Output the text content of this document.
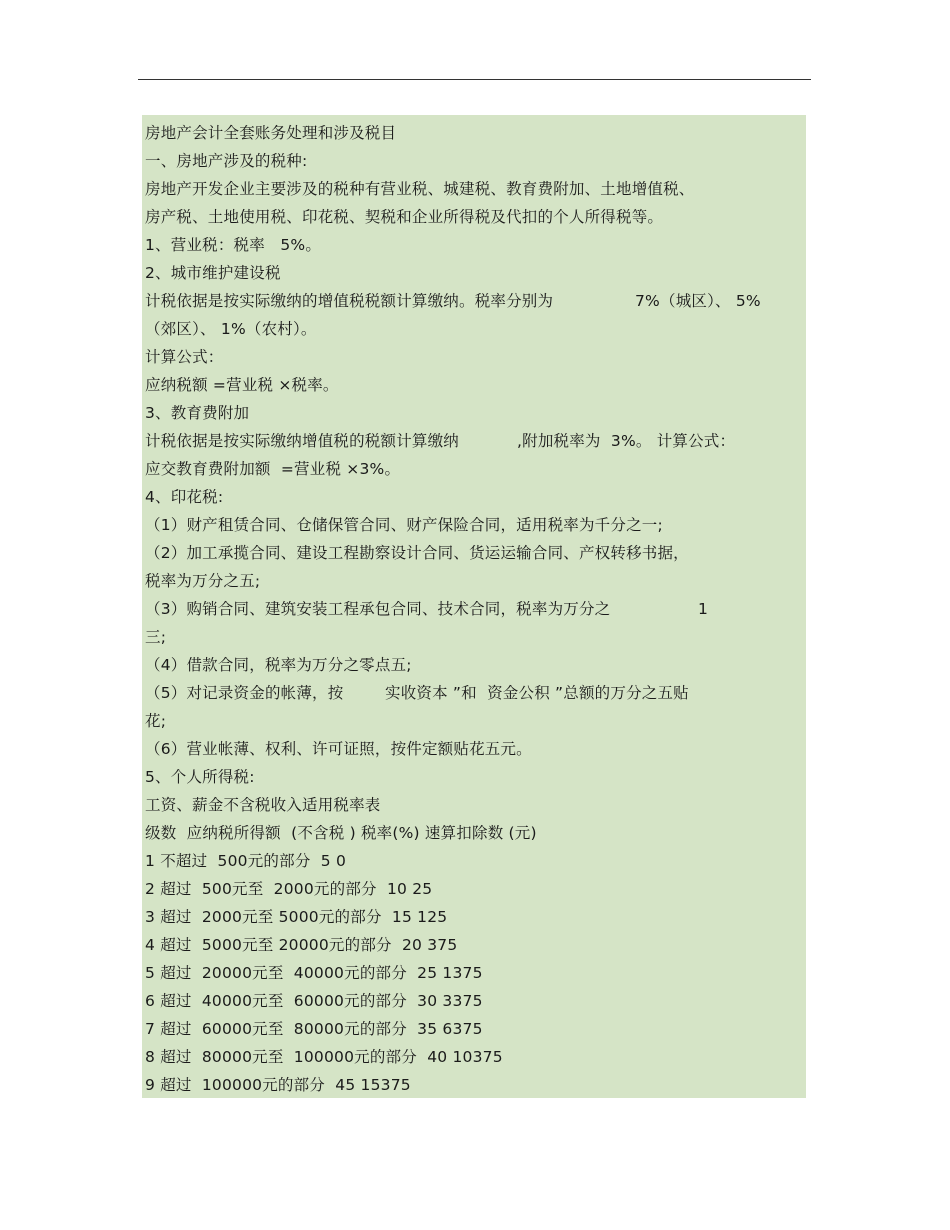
房地产会计全套账务处理和涉及税目
一、房地产涉及的税种:
房地产开发企业主要涉及的税种有营业税、城建税、教育费附加、土地增值税、
房产税、土地使用税、印花税、契税和企业所得税及代扣的个人所得税等。
1、营业税：税率   5%。
2、城市维护建设税

计税依据是按实际缴纳的增值税税额计算缴纳。税率分别为

	7%（城区）、 5%

（郊区）、 1%（农村）。
计算公式：
应纳税额 =营业税 ×税率。
3、教育费附加

计税依据是按实际缴纳增值税的税额计算缴纳

	,附加税率为  3%。 计算公式：

应交教育费附加额  =营业税 ×3%。
4、印花税:
（1）财产租赁合同、仓储保管合同、财产保险合同，适用税率为千分之一;
（2）加工承揽合同、建设工程勘察设计合同、货运运输合同、产权转移书据，
税率为万分之五;

（3）购销合同、建筑安装工程承包合同、技术合同，税率为万分之

	1

三;
（4）借款合同，税率为万分之零点五;

（5）对记录资金的帐薄，按

	实收资本 ”和  资金公积 ”总额的万分之五贴

花;
（6）营业帐薄、权利、许可证照，按件定额贴花五元。
5、个人所得税:
工资、薪金不含税收入适用税率表
级数  应纳税所得额  (不含税 ) 税率(%) 速算扣除数 (元)
1 不超过  500元的部分  5 0
2 超过  500元至  2000元的部分  10 25
3 超过  2000元至 5000元的部分  15 125
4 超过  5000元至 20000元的部分  20 375
5 超过  20000元至  40000元的部分  25 1375
6 超过  40000元至  60000元的部分  30 3375
7 超过  60000元至  80000元的部分  35 6375
8 超过  80000元至  100000元的部分  40 10375
9 超过  100000元的部分  45 15375
